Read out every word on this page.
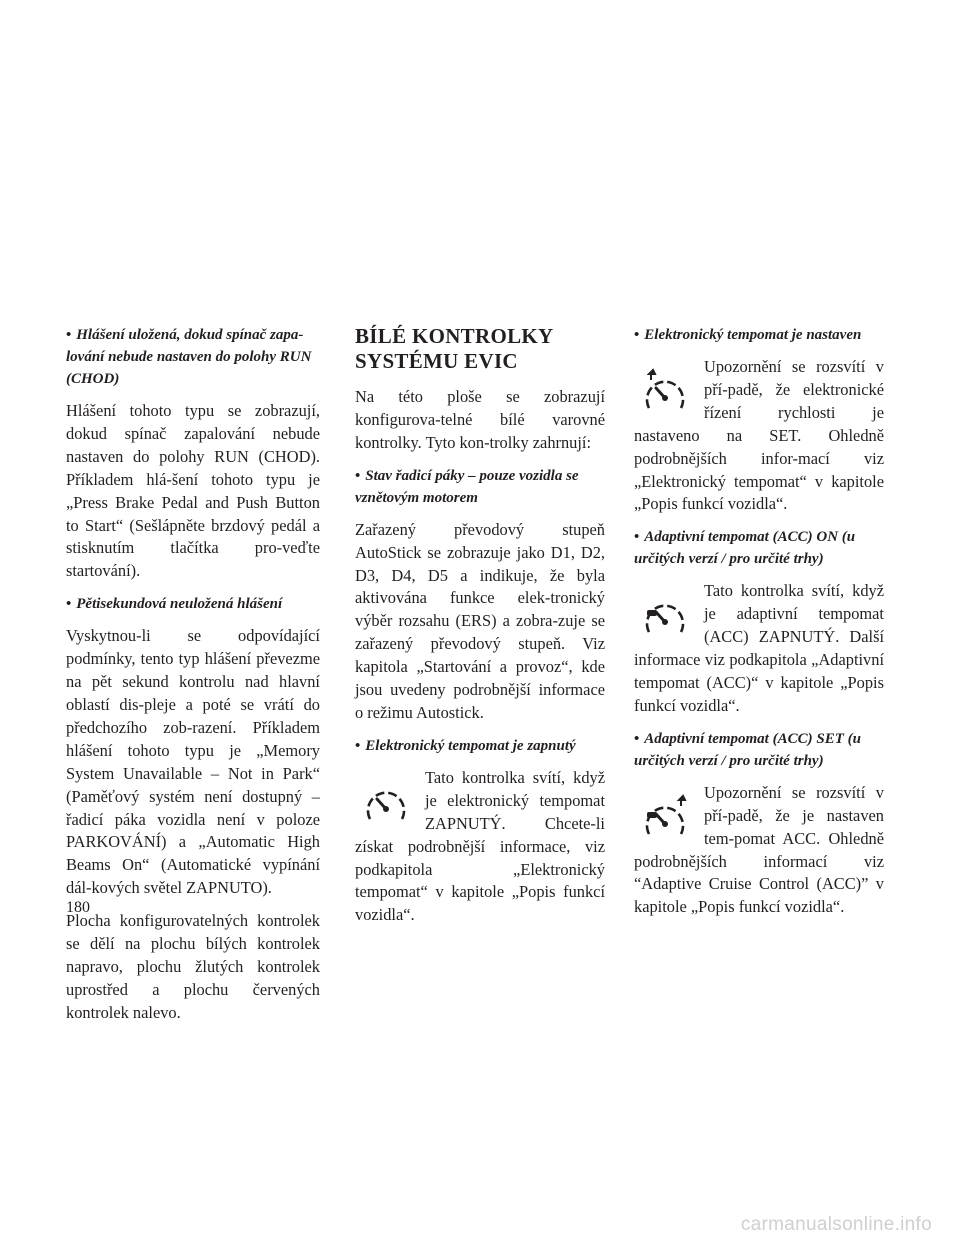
• Hlášení uložená, dokud spínač zapa-lování nebude nastaven do polohy RUN (CHOD)

Hlášení tohoto typu se zobrazují, dokud spínač zapalování nebude nastaven do polohy RUN (CHOD). Příkladem hlá-šení tohoto typu je „Press Brake Pedal and Push Button to Start“ (Sešlápněte brzdový pedál a stisknutím tlačítka pro-veďte startování).

• Pětisekundová neuložená hlášení

Vyskytnou-li se odpovídající podmínky, tento typ hlášení převezme na pět sekund kontrolu nad hlavní oblastí dis-pleje a poté se vrátí do předchozího zob-razení. Příkladem hlášení tohoto typu je „Memory System Unavailable – Not in Park“ (Paměťový systém není dostupný – řadicí páka vozidla není v poloze PARKOVÁNÍ) a „Automatic High Beams On“ (Automatické vypínání dál-kových světel ZAPNUTO).

Plocha konfigurovatelných kontrolek se dělí na plochu bílých kontrolek napravo, plochu žlutých kontrolek uprostřed a plochu červených kontrolek nalevo.

BÍLÉ KONTROLKY
SYSTÉMU EVIC

Na této ploše se zobrazují konfigurova-telné bílé varovné kontrolky. Tyto kon-trolky zahrnují:

• Stav řadicí páky – pouze vozidla se vznětovým motorem

Zařazený převodový stupeň AutoStick se zobrazuje jako D1, D2, D3, D4, D5 a indikuje, že byla aktivována funkce elek-tronický výběr rozsahu (ERS) a zobra-zuje se zařazený převodový stupeň. Viz kapitola „Startování a provoz“, kde jsou uvedeny podrobnější informace o režimu Autostick.

• Elektronický tempomat je zapnutý

Tato kontrolka svítí, když je elektronický tempomat ZAPNUTÝ. Chcete-li získat podrobnější informace, viz podkapitola „Elektronický tempomat“ v kapitole „Popis funkcí vozidla“.

• Elektronický tempomat je nastaven

Upozornění se rozsvítí v pří-padě, že elektronické řízení rychlosti je nastaveno na SET. Ohledně podrobnějších infor-mací viz „Elektronický tempomat“ v kapitole „Popis funkcí vozidla“.

• Adaptivní tempomat (ACC) ON (u určitých verzí / pro určité trhy)

Tato kontrolka svítí, když je adaptivní tempomat (ACC) ZAPNUTÝ. Další informace viz podkapitola „Adaptivní tempomat (ACC)“ v kapitole „Popis funkcí vozidla“.

• Adaptivní tempomat (ACC) SET (u určitých verzí / pro určité trhy)

Upozornění se rozsvítí v pří-padě, že je nastaven tem-pomat ACC. Ohledně podrobnějších informací viz “Adaptive Cruise Control (ACC)” v kapitole „Popis funkcí vozidla“.

180
carmanualsonline.info
